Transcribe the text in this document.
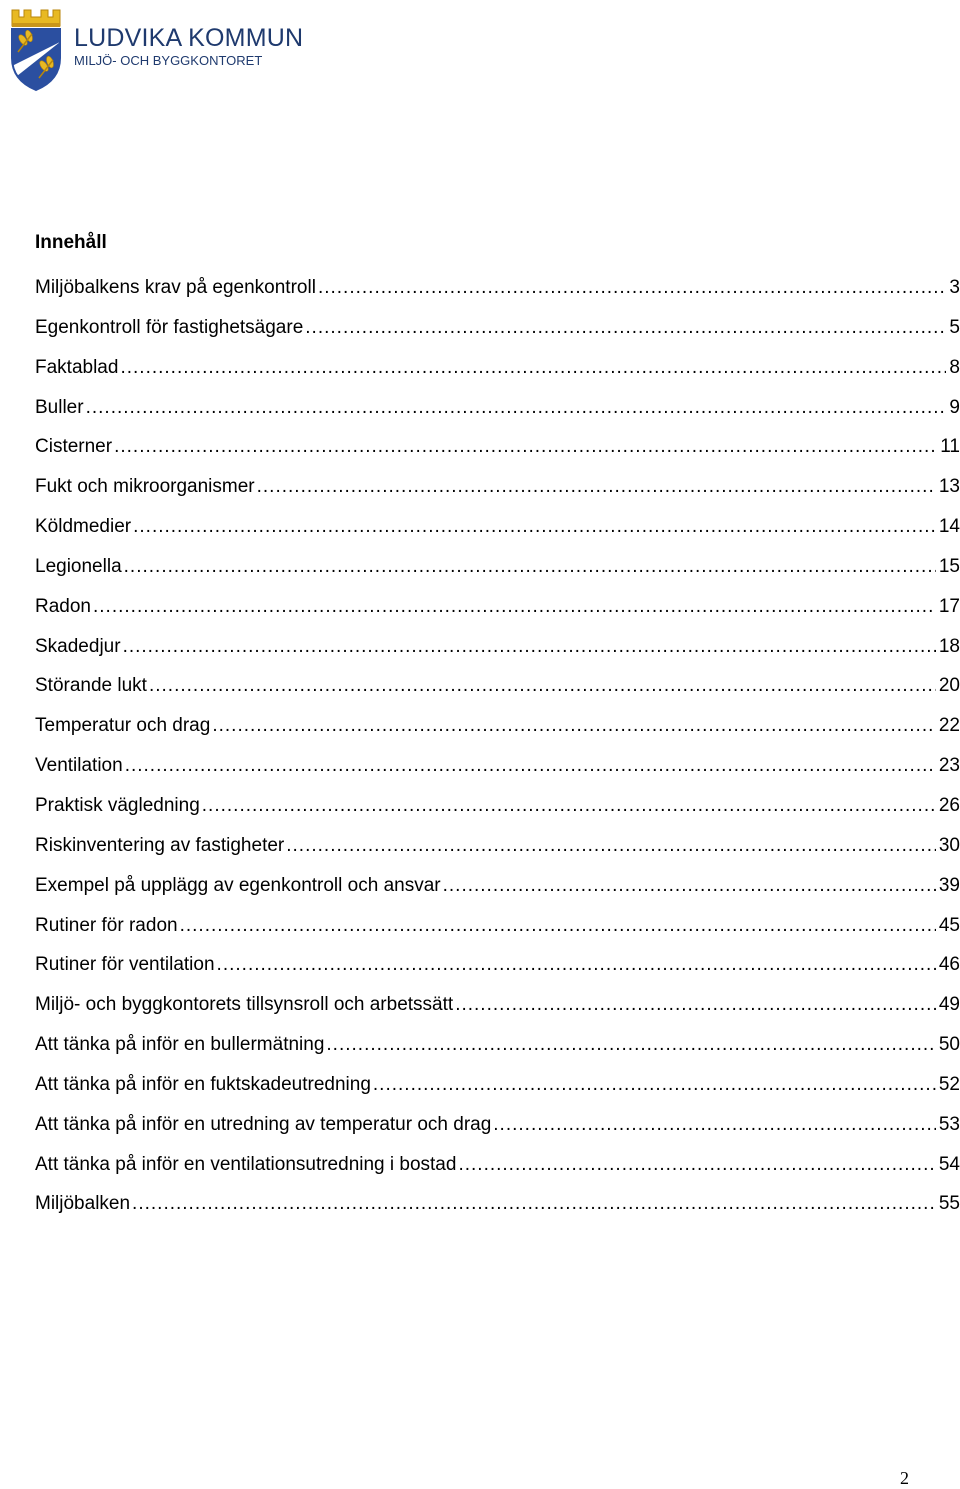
LUDVIKA KOMMUN
MILJÖ- OCH BYGGKONTORET
Innehåll
Miljöbalkens krav på egenkontroll .....	3
Egenkontroll för fastighetsägare .....	5
Faktablad .....	8
Buller .....	9
Cisterner .....	11
Fukt och mikroorganismer .....	13
Köldmedier .....	14
Legionella .....	15
Radon .....	17
Skadedjur .....	18
Störande lukt .....	20
Temperatur och drag .....	22
Ventilation .....	23
Praktisk vägledning .....	26
Riskinventering av fastigheter .....	30
Exempel på upplägg av egenkontroll och ansvar .....	39
Rutiner för radon .....	45
Rutiner för ventilation .....	46
Miljö- och byggkontorets tillsynsroll och arbetssätt .....	49
Att tänka på inför en bullermätning .....	50
Att tänka på inför en fuktskadeutredning .....	52
Att tänka på inför en utredning av temperatur och drag .....	53
Att tänka på inför en ventilationsutredning i bostad .....	54
Miljöbalken .....	55
2
